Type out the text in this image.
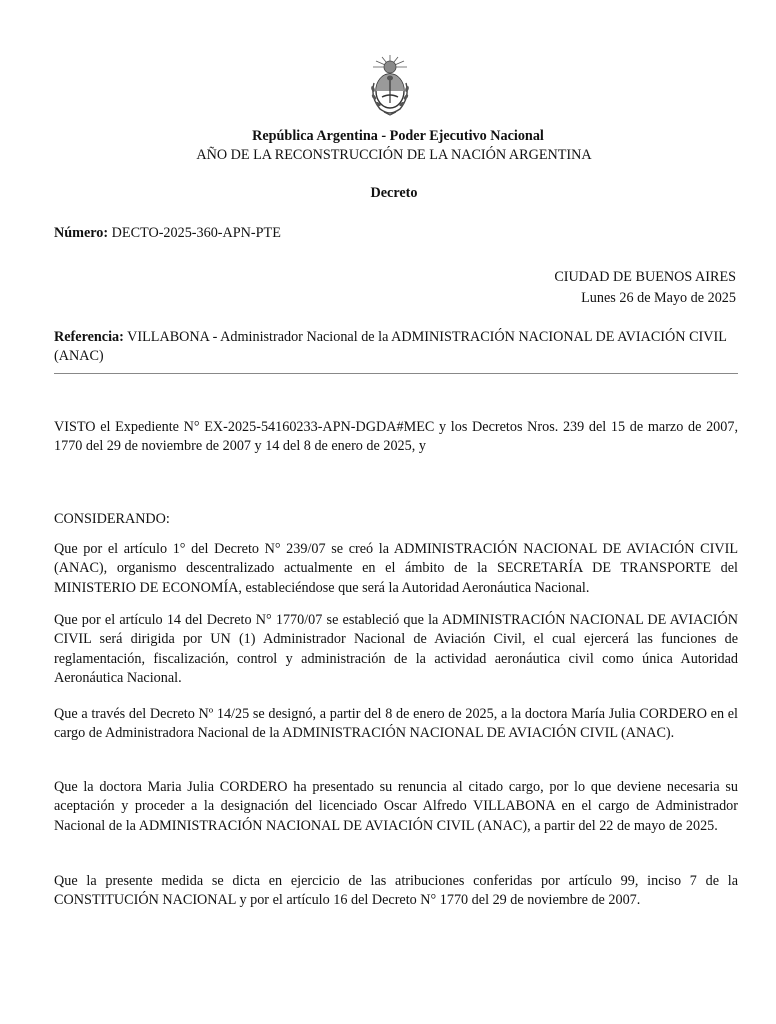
República Argentina - Poder Ejecutivo Nacional
AÑO DE LA RECONSTRUCCIÓN DE LA NACIÓN ARGENTINA
Decreto
Número: DECTO-2025-360-APN-PTE
CIUDAD DE BUENOS AIRES
Lunes 26 de Mayo de 2025
Referencia: VILLABONA - Administrador Nacional de la ADMINISTRACIÓN NACIONAL DE AVIACIÓN CIVIL (ANAC)
VISTO el Expediente N° EX-2025-54160233-APN-DGDA#MEC y los Decretos Nros. 239 del 15 de marzo de 2007, 1770 del 29 de noviembre de 2007 y 14 del 8 de enero de 2025, y
CONSIDERANDO:
Que por el artículo 1° del Decreto N° 239/07 se creó la ADMINISTRACIÓN NACIONAL DE AVIACIÓN CIVIL (ANAC), organismo descentralizado actualmente en el ámbito de la SECRETARÍA DE TRANSPORTE del MINISTERIO DE ECONOMÍA, estableciéndose que será la Autoridad Aeronáutica Nacional.
Que por el artículo 14 del Decreto N° 1770/07 se estableció que la ADMINISTRACIÓN NACIONAL DE AVIACIÓN CIVIL será dirigida por UN (1) Administrador Nacional de Aviación Civil, el cual ejercerá las funciones de reglamentación, fiscalización, control y administración de la actividad aeronáutica civil como única Autoridad Aeronáutica Nacional.
Que a través del Decreto Nº 14/25 se designó, a partir del 8 de enero de 2025, a la doctora María Julia CORDERO en el cargo de Administradora Nacional de la ADMINISTRACIÓN NACIONAL DE AVIACIÓN CIVIL (ANAC).
Que la doctora Maria Julia CORDERO ha presentado su renuncia al citado cargo, por lo que deviene necesaria su aceptación y proceder a la designación del licenciado Oscar Alfredo VILLABONA en el cargo de Administrador Nacional de la ADMINISTRACIÓN NACIONAL DE AVIACIÓN CIVIL (ANAC), a partir del 22 de mayo de 2025.
Que la presente medida se dicta en ejercicio de las atribuciones conferidas por artículo 99, inciso 7 de la CONSTITUCIÓN NACIONAL y por el artículo 16 del Decreto N° 1770 del 29 de noviembre de 2007.
